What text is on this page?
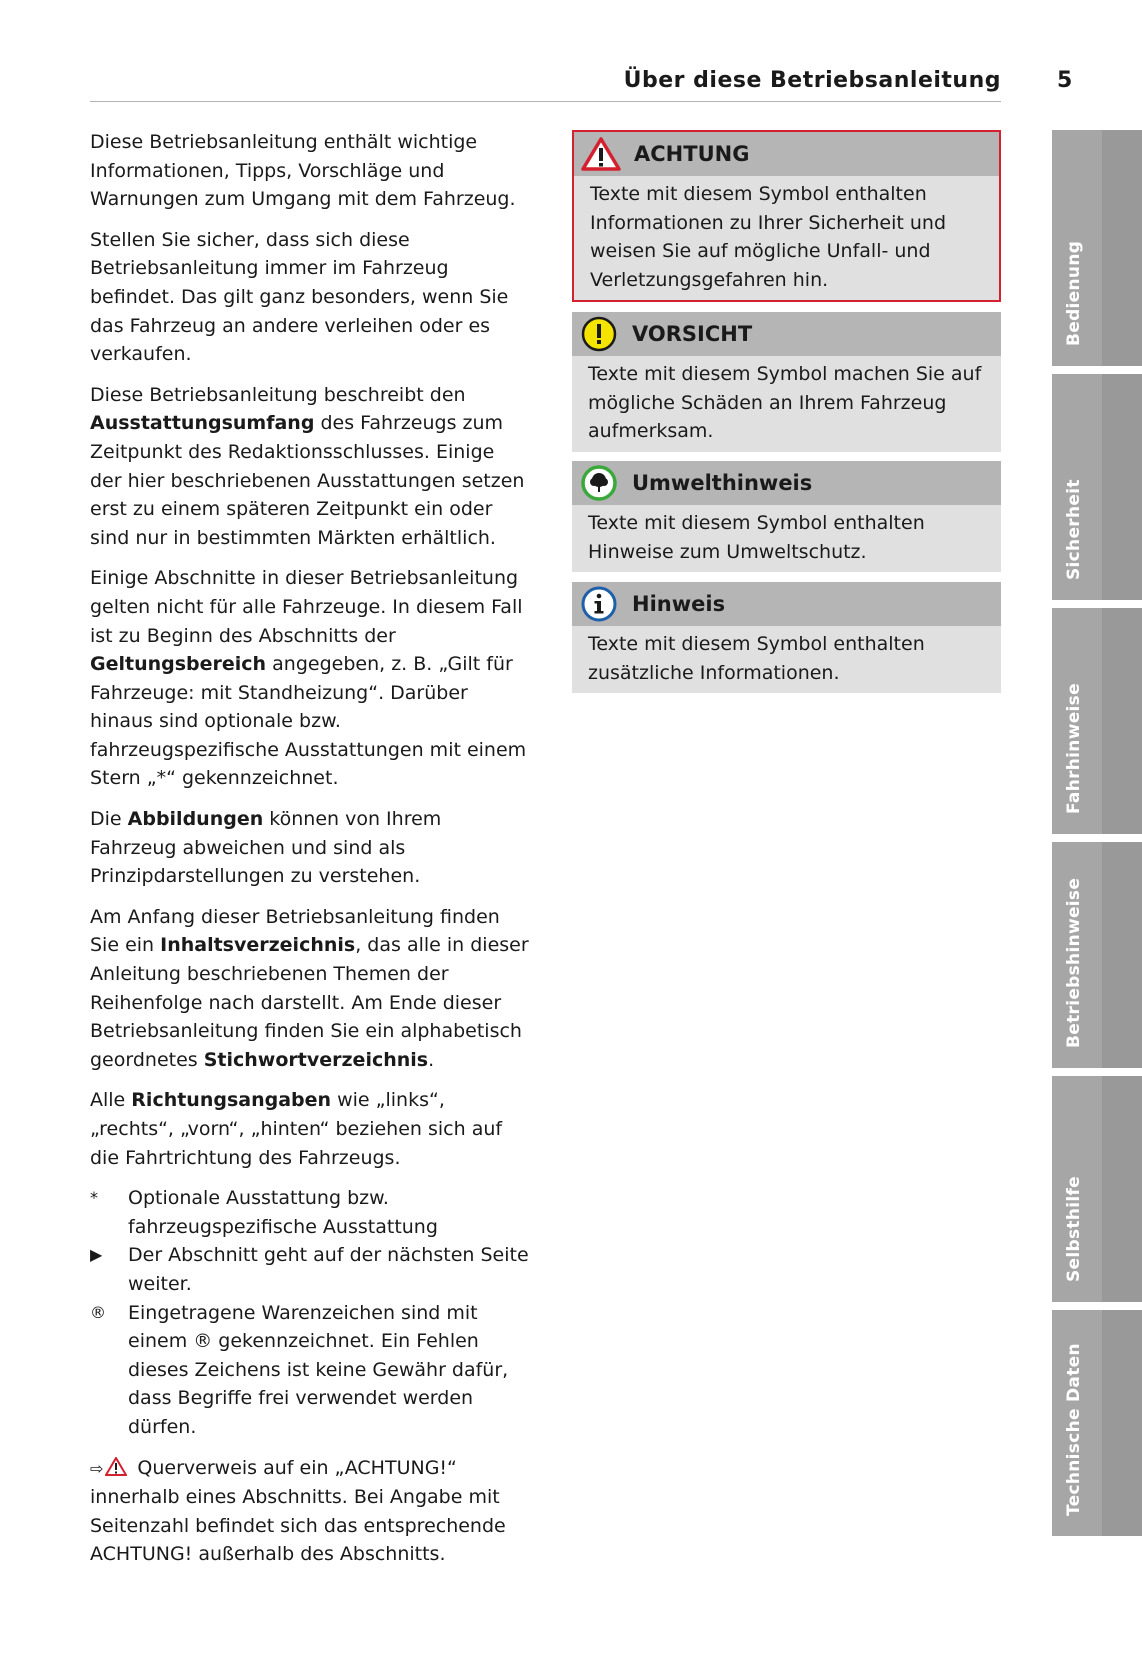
Über diese Betriebsanleitung	5

Diese Betriebsanleitung enthält wichtige Informationen, Tipps, Vorschläge und Warnungen zum Umgang mit dem Fahrzeug.

Stellen Sie sicher, dass sich diese Betriebsanleitung immer im Fahrzeug befindet. Das gilt ganz besonders, wenn Sie das Fahrzeug an andere verleihen oder es verkaufen.

Diese Betriebsanleitung beschreibt den Ausstattungsumfang des Fahrzeugs zum Zeitpunkt des Redaktionsschlusses. Einige der hier beschriebenen Ausstattungen setzen erst zu einem späteren Zeitpunkt ein oder sind nur in bestimmten Märkten erhältlich.

Einige Abschnitte in dieser Betriebsanleitung gelten nicht für alle Fahrzeuge. In diesem Fall ist zu Beginn des Abschnitts der Geltungsbereich angegeben, z. B. „Gilt für Fahrzeuge: mit Standheizung“. Darüber hinaus sind optionale bzw. fahrzeugspezifische Ausstattungen mit einem Stern „*“ gekennzeichnet.

Die Abbildungen können von Ihrem Fahrzeug abweichen und sind als Prinzipdarstellungen zu verstehen.

Am Anfang dieser Betriebsanleitung finden Sie ein Inhaltsverzeichnis, das alle in dieser Anleitung beschriebenen Themen der Reihenfolge nach darstellt. Am Ende dieser Betriebsanleitung finden Sie ein alphabetisch geordnetes Stichwortverzeichnis.

Alle Richtungsangaben wie „links“, „rechts“, „vorn“, „hinten“ beziehen sich auf die Fahrtrichtung des Fahrzeugs.

*	Optionale Ausstattung bzw. fahrzeugspezifische Ausstattung
▶	Der Abschnitt geht auf der nächsten Seite weiter.
®	Eingetragene Warenzeichen sind mit einem ® gekennzeichnet. Ein Fehlen dieses Zeichens ist keine Gewähr dafür, dass Begriffe frei verwendet werden dürfen.

⇨ Querverweis auf ein „ACHTUNG!“ innerhalb eines Abschnitts. Bei Angabe mit Seitenzahl befindet sich das entsprechende ACHTUNG! außerhalb des Abschnitts.

ACHTUNG
Texte mit diesem Symbol enthalten Informationen zu Ihrer Sicherheit und weisen Sie auf mögliche Unfall- und Verletzungsgefahren hin.
VORSICHT
Texte mit diesem Symbol machen Sie auf mögliche Schäden an Ihrem Fahrzeug aufmerksam.
Umwelthinweis
Texte mit diesem Symbol enthalten Hinweise zum Umweltschutz.
Hinweis
Texte mit diesem Symbol enthalten zusätzliche Informationen.
Bedienung
Sicherheit
Fahrhinweise
Betriebshinweise
Selbsthilfe
Technische Daten
